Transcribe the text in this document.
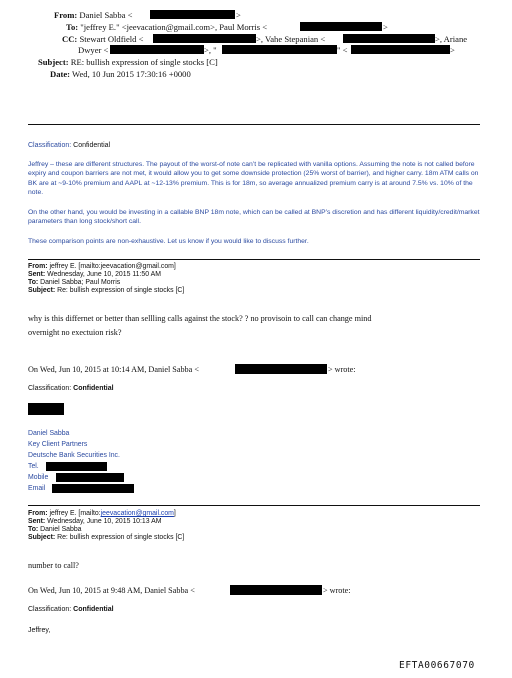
From: Daniel Sabba <	>
To: "jeffrey E." <jeevacation@gmail.com>, Paul Morris <	>
CC: Stewart Oldfield <	>, Vahe Stepanian <	>, Ariane
Dwyer <	>, "	" <	>
Subject: RE: bullish expression of single stocks [C]
Date: Wed, 10 Jun 2015 17:30:16 +0000
Classification: Confidential
Jeffrey – these are different structures. The payout of the worst-of note can’t be replicated with vanilla options. Assuming the note is not called before expiry and coupon barriers are not met, it would allow you to get some downside protection (25% worst of barrier), and higher carry. 18m ATM calls on BK are at ~9-10% premium and AAPL at ~12-13% premium. This is for 18m, so average annualized premium carry is at around 7.5% vs. 10% of the note.
On the other hand, you would be investing in a callable BNP 18m note, which can be called at BNP’s discretion and has different liquidity/credit/market parameters than long stock/short call.
These comparison points are non-exhaustive. Let us know if you would like to discuss further.
From: jeffrey E. [mailto:jeevacation@gmail.com]
Sent: Wednesday, June 10, 2015 11:50 AM
To: Daniel Sabba; Paul Morris
Subject: Re: bullish expression of single stocks [C]
why is this differnet or better than sellling calls against the stock? ? no provisoin to call can change mind
overnight no exectuion risk?
On Wed, Jun 10, 2015 at 10:14 AM, Daniel Sabba <	> wrote:
Classification: Confidential
Daniel Sabba
Key Client Partners
Deutsche Bank Securities Inc.
Tel.
Mobile
Email
From: jeffrey E. [mailto:jeevacation@gmail.com]
Sent: Wednesday, June 10, 2015 10:13 AM
To: Daniel Sabba
Subject: Re: bullish expression of single stocks [C]
number to call?
On Wed, Jun 10, 2015 at 9:48 AM, Daniel Sabba <	> wrote:
Classification: Confidential
Jeffrey,
EFTA00667070
